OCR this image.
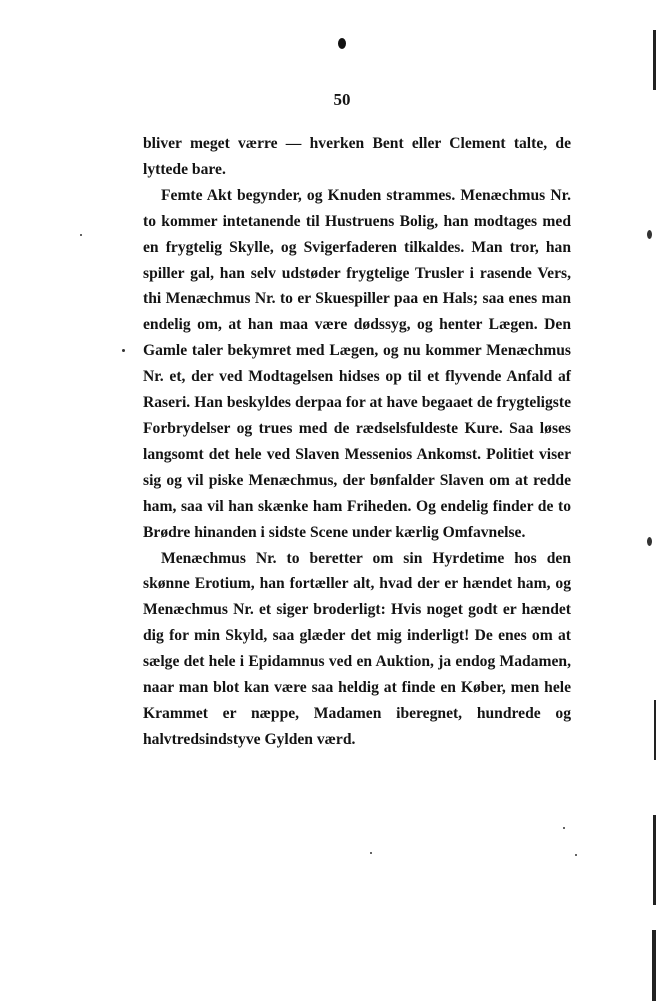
50

bliver meget værre — hverken Bent eller Clement talte, de lyttede bare.

Femte Akt begynder, og Knuden strammes. Menæchmus Nr. to kommer intetanende til Hustruens Bolig, han modtages med en frygtelig Skylle, og Svigerfaderen tilkaldes. Man tror, han spiller gal, han selv udstøder frygtelige Trusler i rasende Vers, thi Menæchmus Nr. to er Skuespiller paa en Hals; saa enes man endelig om, at han maa være dødssyg, og henter Lægen. Den Gamle taler bekymret med Lægen, og nu kommer Menæchmus Nr. et, der ved Modtagelsen hidses op til et flyvende Anfald af Raseri. Han beskyldes derpaa for at have begaaet de frygteligste Forbrydelser og trues med de rædselsfuldeste Kure. Saa løses langsomt det hele ved Slaven Messenios Ankomst. Politiet viser sig og vil piske Menæchmus, der bønfalder Slaven om at redde ham, saa vil han skænke ham Friheden. Og endelig finder de to Brødre hinanden i sidste Scene under kærlig Omfavnelse.

Menæchmus Nr. to beretter om sin Hyrdetime hos den skønne Erotium, han fortæller alt, hvad der er hændet ham, og Menæchmus Nr. et siger broderligt: Hvis noget godt er hændet dig for min Skyld, saa glæder det mig inderligt! De enes om at sælge det hele i Epidamnus ved en Auktion, ja endog Madamen, naar man blot kan være saa heldig at finde en Køber, men hele Krammet er næppe, Madamen iberegnet, hundrede og halvtredsindstyve Gylden værd.
